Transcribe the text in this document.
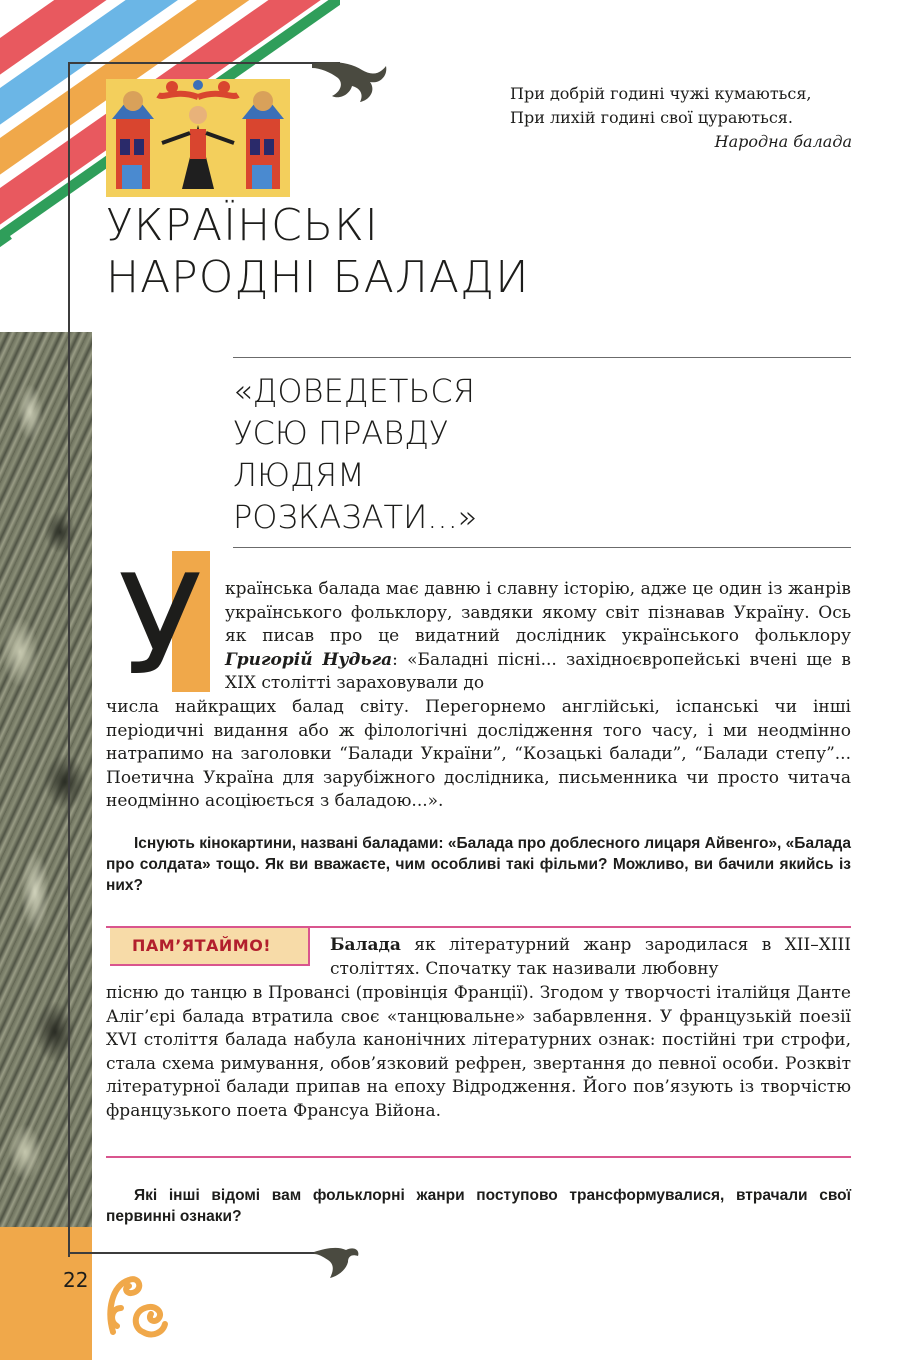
При добрій годині чужі кумаються,
При лихій годині свої цураються.
Народна балада
УКРАЇНСЬКІ
НАРОДНІ БАЛАДИ
«ДОВЕДЕТЬСЯ
УСЮ ПРАВДУ
ЛЮДЯМ
РОЗКАЗАТИ...»
У країнська балада має давню і славну історію, адже це один із жанрів українського фольклору, завдяки якому світ пізнавав Україну. Ось як писав про це видатний дослідник українського фольклору Григорій Нудьга: «Баладні пісні... західноєвропейські вчені ще в XIX столітті зараховували до

числа найкращих балад світу. Перегорнемо англійські, іспанські чи інші періодичні видання або ж філологічні дослідження того часу, і ми неодмінно натрапимо на заголовки “Балади України”, “Козацькі балади”, “Балади степу”... Поетична Україна для зарубіжного дослідника, письменника чи просто читача неодмінно асоціюється з баладою...».

Існують кінокартини, названі баладами: «Балада про доблесного лицаря Айвенго», «Балада про солдата» тощо. Як ви вважаєте, чим особливі такі фільми? Можливо, ви бачили якийсь із них?

ПАМ’ЯТАЙМО!	Балада як літературний жанр зародилася в XII–XIII століттях. Спочатку так називали любовну

пісню до танцю в Провансі (провінція Франції). Згодом у творчості італійця Данте Аліг’єрі балада втратила своє «танцювальне» забарвлення. У французькій поезії XVI століття балада набула канонічних літературних ознак: постійні три строфи, стала схема римування, обов’язковий рефрен, звертання до певної особи. Розквіт літературної балади припав на епоху Відродження. Його пов’язують із творчістю французького поета Франсуа Війона.

Які інші відомі вам фольклорні жанри поступово трансформувалися, втрачали свої первинні ознаки?

22
